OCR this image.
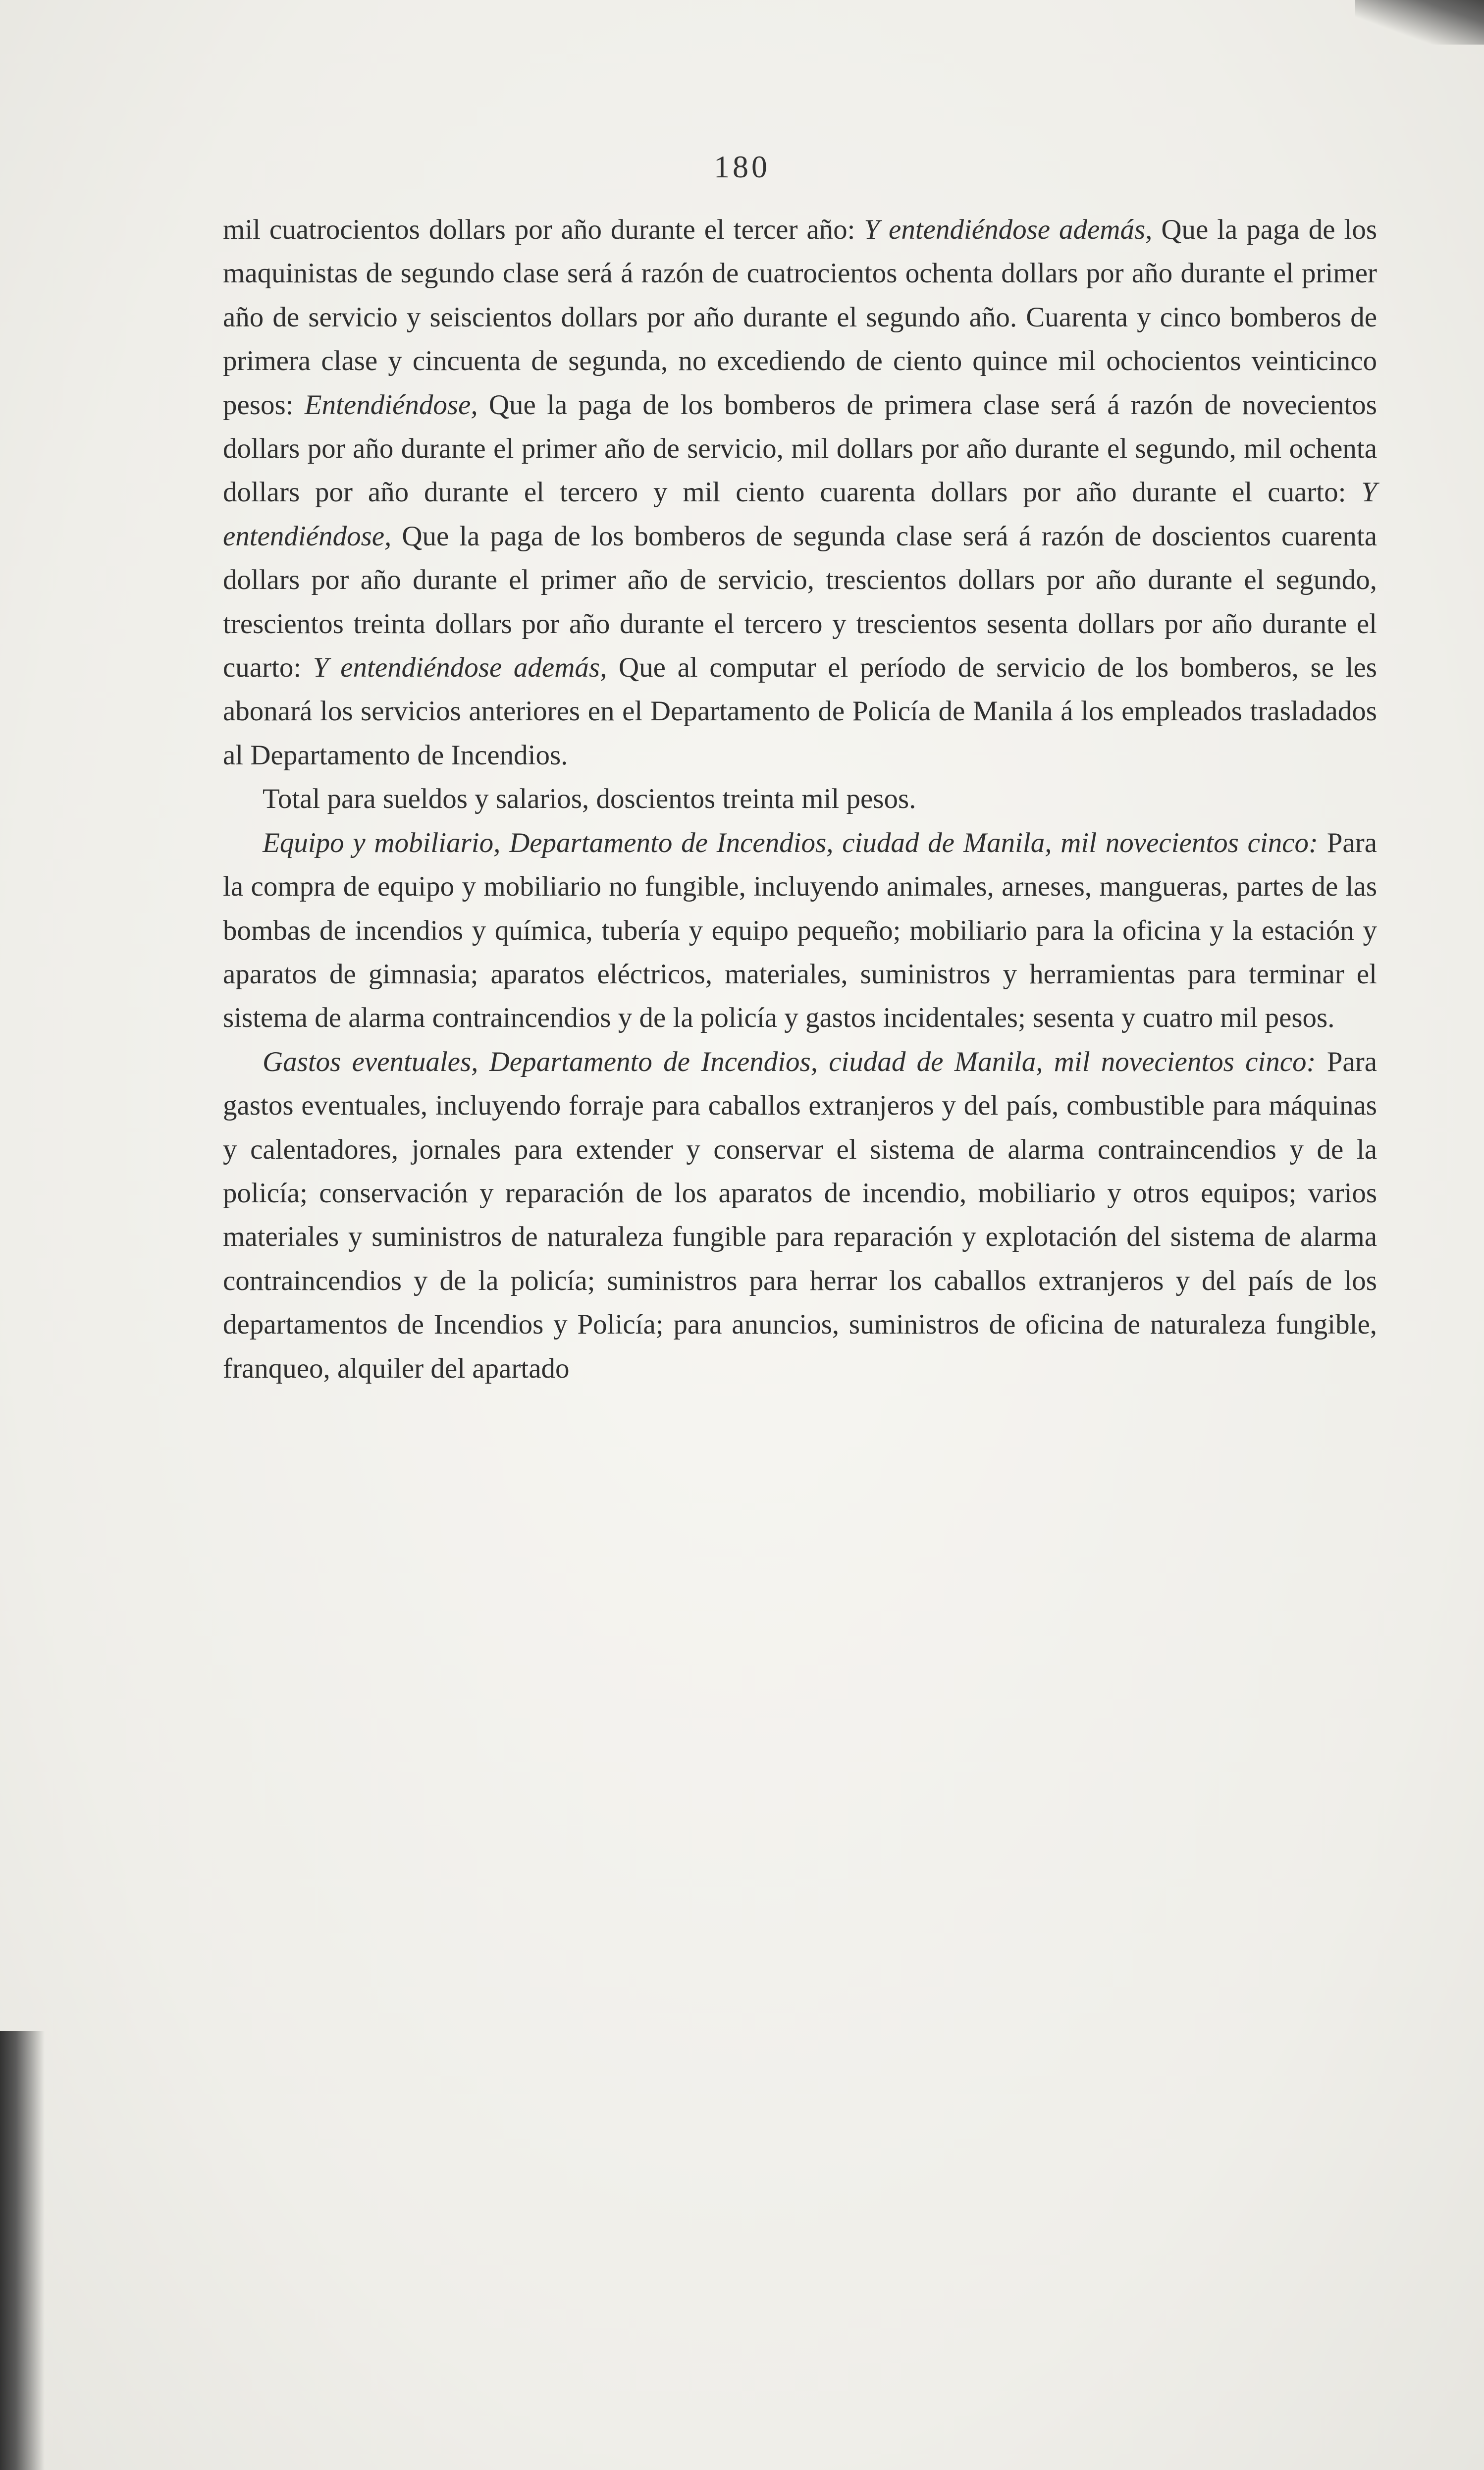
180

mil cuatrocientos dollars por año durante el tercer año: Y entendiéndose además, Que la paga de los maquinistas de segundo clase será á razón de cuatrocientos ochenta dollars por año durante el primer año de servicio y seiscientos dollars por año durante el segundo año. Cuarenta y cinco bomberos de primera clase y cincuenta de segunda, no excediendo de ciento quince mil ochocientos veinticinco pesos: Entendiéndose, Que la paga de los bomberos de primera clase será á razón de novecientos dollars por año durante el primer año de servicio, mil dollars por año durante el segundo, mil ochenta dollars por año durante el tercero y mil ciento cuarenta dollars por año durante el cuarto: Y entendiéndose, Que la paga de los bomberos de segunda clase será á razón de doscientos cuarenta dollars por año durante el primer año de servicio, trescientos dollars por año durante el segundo, trescientos treinta dollars por año durante el tercero y trescientos sesenta dollars por año durante el cuarto: Y entendiéndose además, Que al computar el período de servicio de los bomberos, se les abonará los servicios anteriores en el Departamento de Policía de Manila á los empleados trasladados al Departamento de Incendios.

Total para sueldos y salarios, doscientos treinta mil pesos.

Equipo y mobiliario, Departamento de Incendios, ciudad de Manila, mil novecientos cinco: Para la compra de equipo y mobiliario no fungible, incluyendo animales, arneses, mangueras, partes de las bombas de incendios y química, tubería y equipo pequeño; mobiliario para la oficina y la estación y aparatos de gimnasia; aparatos eléctricos, materiales, suministros y herramientas para terminar el sistema de alarma contraincendios y de la policía y gastos incidentales; sesenta y cuatro mil pesos.

Gastos eventuales, Departamento de Incendios, ciudad de Manila, mil novecientos cinco: Para gastos eventuales, incluyendo forraje para caballos extranjeros y del país, combustible para máquinas y calentadores, jornales para extender y conservar el sistema de alarma contraincendios y de la policía; conservación y reparación de los aparatos de incendio, mobiliario y otros equipos; varios materiales y suministros de naturaleza fungible para reparación y explotación del sistema de alarma contraincendios y de la policía; suministros para herrar los caballos extranjeros y del país de los departamentos de Incendios y Policía; para anuncios, suministros de oficina de naturaleza fungible, franqueo, alquiler del apartado
